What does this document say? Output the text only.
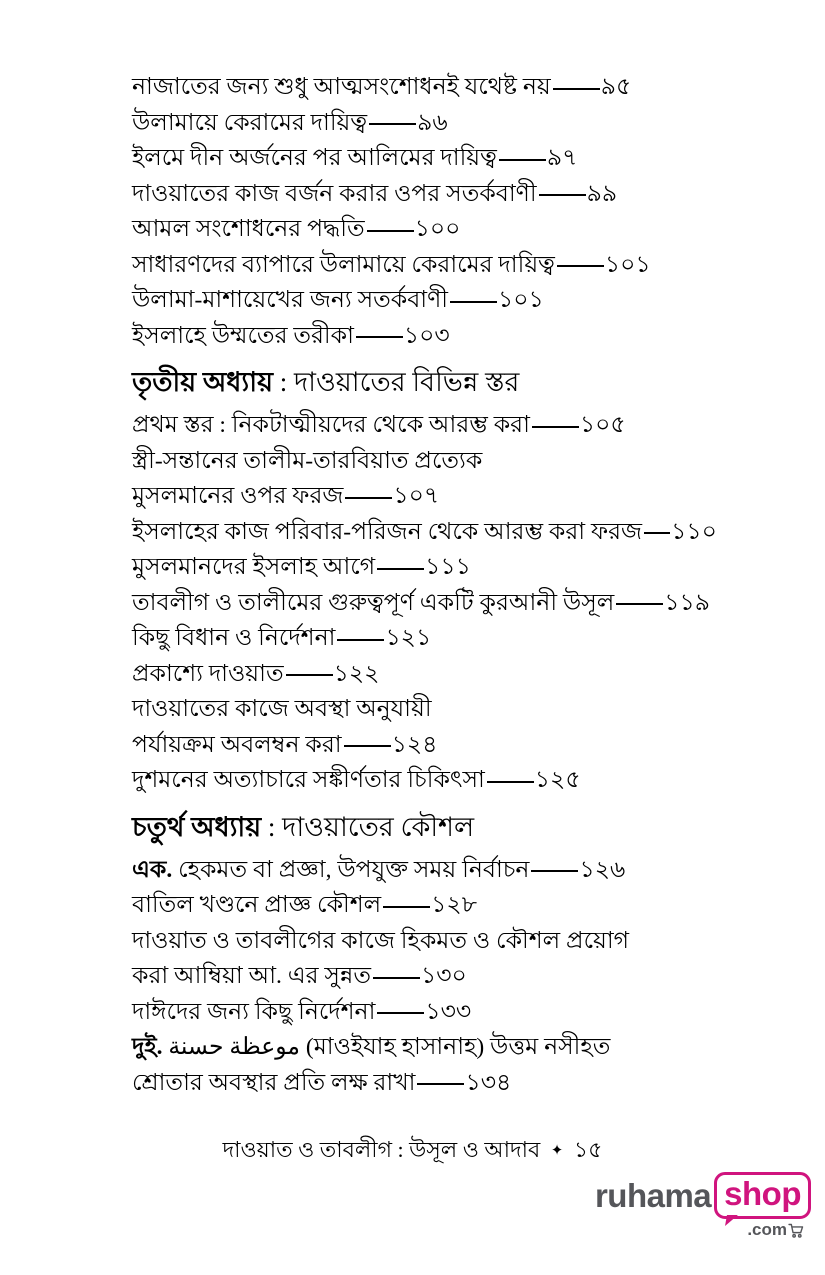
নাজাতের জন্য শুধু আত্মসংশোধনই যথেষ্ট নয় ৯৫
উলামায়ে কেরামের দায়িত্ব ৯৬
ইলমে দীন অর্জনের পর আলিমের দায়িত্ব ৯৭
দাওয়াতের কাজ বর্জন করার ওপর সতর্কবাণী ৯৯
আমল সংশোধনের পদ্ধতি ১০০
সাধারণদের ব্যাপারে উলামায়ে কেরামের দায়িত্ব ১০১
উলামা-মাশায়েখের জন্য সতর্কবাণী ১০১
ইসলাহে উম্মতের তরীকা ১০৩
তৃতীয় অধ্যায় : দাওয়াতের বিভিন্ন স্তর
প্রথম স্তর : নিকটাত্মীয়দের থেকে আরম্ভ করা ১০৫
স্ত্রী-সন্তানের তালীম-তারবিয়াত প্রত্যেক
মুসলমানের ওপর ফরজ ১০৭
ইসলাহের কাজ পরিবার-পরিজন থেকে আরম্ভ করা ফরজ ১১০
মুসলমানদের ইসলাহ আগে ১১১
তাবলীগ ও তালীমের গুরুত্বপূর্ণ একটি কুরআনী উসূল ১১৯
কিছু বিধান ও নির্দেশনা ১২১
প্রকাশ্যে দাওয়াত ১২২
দাওয়াতের কাজে অবস্থা অনুযায়ী
পর্যায়ক্রম অবলম্বন করা ১২৪
দুশমনের অত্যাচারে সঙ্কীর্ণতার চিকিৎসা ১২৫
চতুর্থ অধ্যায় : দাওয়াতের কৌশল
এক. হেকমত বা প্রজ্ঞা, উপযুক্ত সময় নির্বাচন ১২৬
বাতিল খণ্ডনে প্রাজ্ঞ কৌশল ১২৮
দাওয়াত ও তাবলীগের কাজে হিকমত ও কৌশল প্রয়োগ
করা আম্বিয়া আ. এর সুন্নত ১৩০
দাঈদের জন্য কিছু নির্দেশনা ১৩৩
দুই. موعظة حسنة (মাওইযাহ হাসানাহ) উত্তম নসীহত
শ্রোতার অবস্থার প্রতি লক্ষ রাখা ১৩৪
দাওয়াত ও তাবলীগ : উসূল ও আদাব ✦ ১৫
ruhama shop
.com
